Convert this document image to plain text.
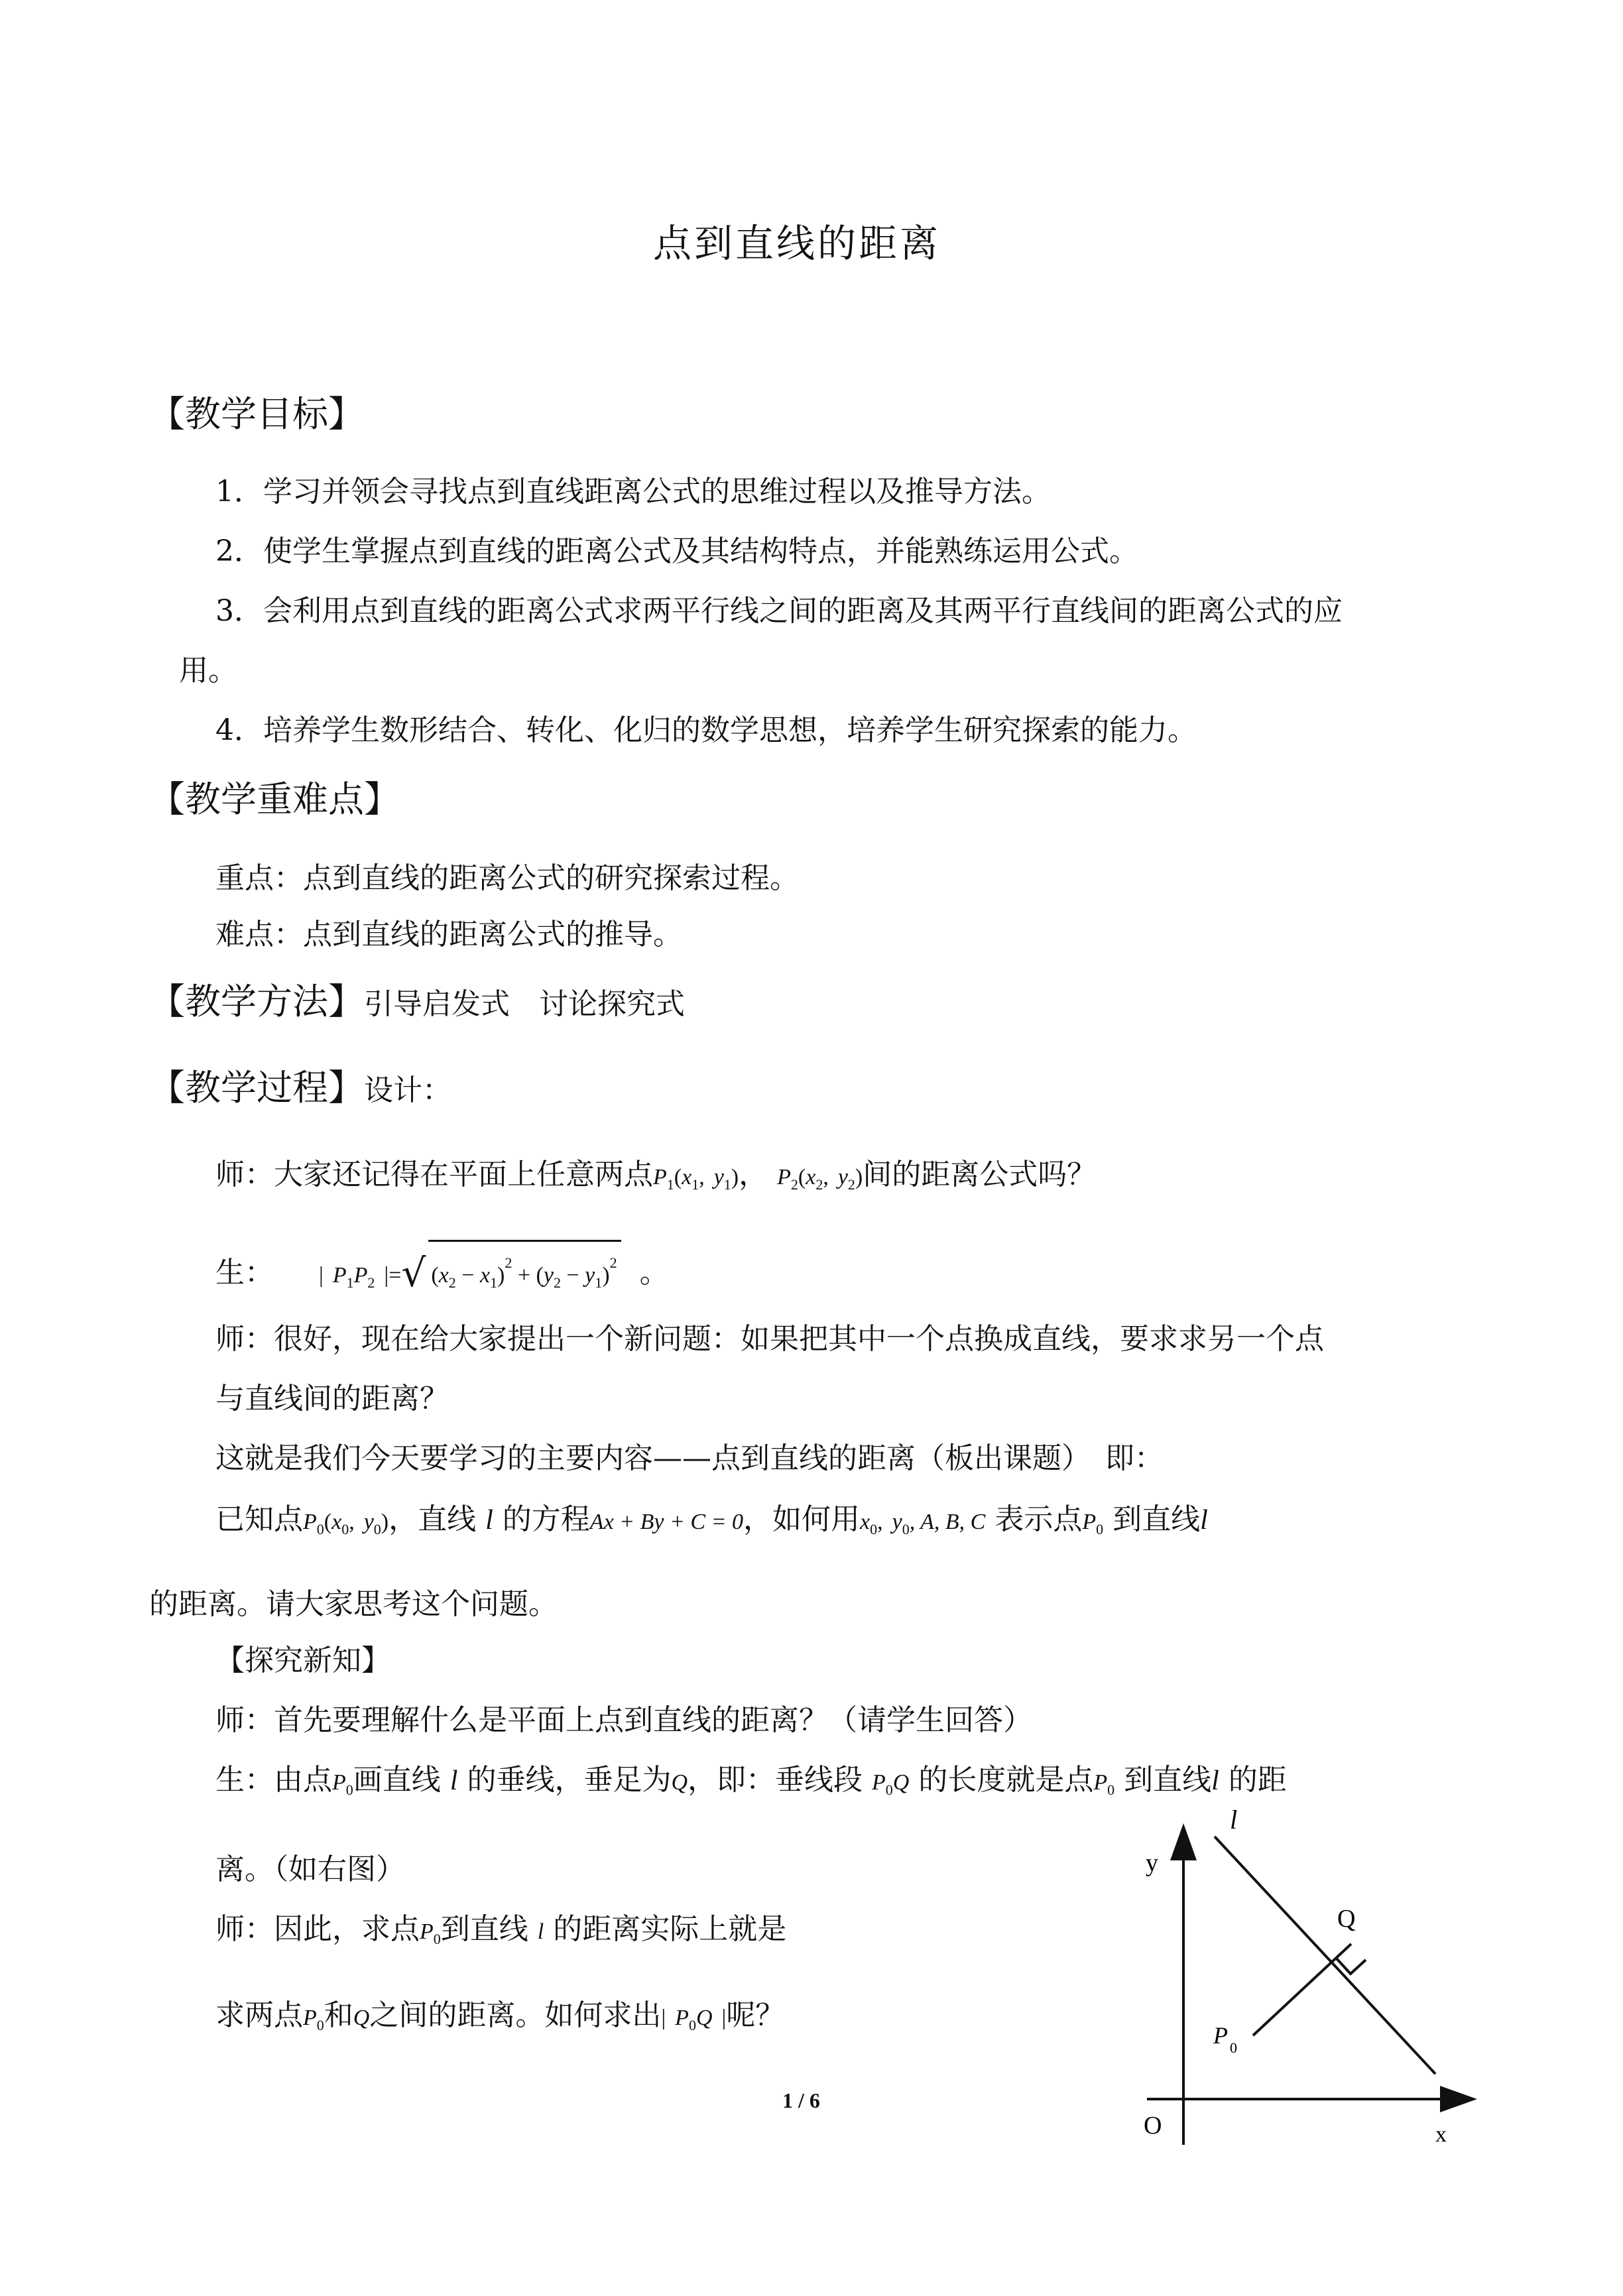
点到直线的距离
【教学目标】
1．学习并领会寻找点到直线距离公式的思维过程以及推导方法。
2．使学生掌握点到直线的距离公式及其结构特点，并能熟练运用公式。
3．会利用点到直线的距离公式求两平行线之间的距离及其两平行直线间的距离公式的应
用。
4．培养学生数形结合、转化、化归的数学思想，培养学生研究探索的能力。
【教学重难点】
重点：点到直线的距离公式的研究探索过程。
难点：点到直线的距离公式的推导。
【教学方法】引导启发式　讨论探究式
【教学过程】设计：
师：大家还记得在平面上任意两点$P_1(x_1$, $y_1$)， $P_2(x_2$, $y_2$)间的距离公式吗？
生： | $P_1P_2$ |=√ $(x_2 - x_1)^2 + (y_2 - y_1)^2$ 。
师：很好，现在给大家提出一个新问题：如果把其中一个点换成直线，要求求另一个点
与直线间的距离？
这就是我们今天要学习的主要内容——点到直线的距离（板出课题）　即：
已知点$P_0(x_0$, $y_0$)，直线 l 的方程Ax + By + C = 0，如何用$x_0$, $y_0$, A, B, C 表示点$P_0$ 到直线l
的距离。请大家思考这个问题。
【探究新知】
师：首先要理解什么是平面上点到直线的距离？（请学生回答）
生：由点$P_0$画直线 l 的垂线，垂足为Q，即：垂线段 $P_0Q$ 的长度就是点$P_0$ 到直线l 的距
离。（如右图）
师：因此，求点$P_0$到直线 l 的距离实际上就是
求两点$P_0$和Q之间的距离。如何求出| $P_0Q$ |呢？
y
l
Q
P 0
O	x
1 / 6
